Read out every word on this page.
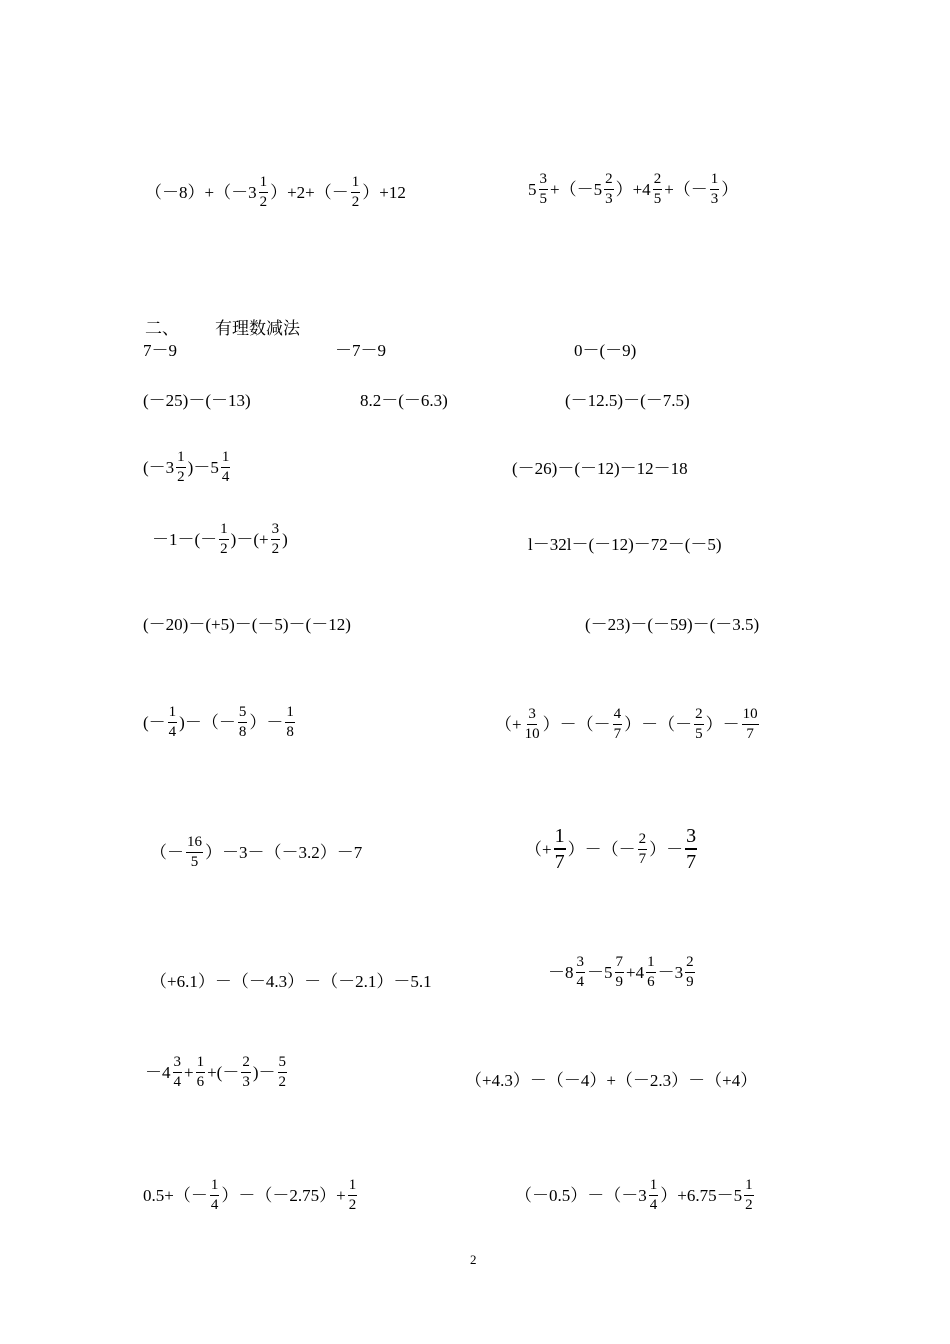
$(-8)+(-3 \frac{1}{2} )+2+(- \frac{1}{2} )+12$	$5 \frac{3}{5} +(-5 \frac{2}{3} )+4 \frac{2}{5}$ +（－ $\frac{1}{3}$ ）
二、 有理数减法
7－9	－7－9	0－(－9)
(－25)－(－13)	8.2－(－6.3)	(－12.5)－(－7.5)
$(-3 \frac{1}{2} )-5 \frac{1}{4}$	(－26)－(－12)－12－18
$-1-(- \frac{1}{2}$ )－(+ $\frac{3}{2}$ )	l－32l－(－12)－72－(－5)
(－20)－(+5)－(－5)－(－12)	(－23)－(－59)－(－3.5)
(－ $\frac{1}{4}$ )－（－ $\frac{5}{8}$ ）－ $\frac{1}{8}$	（+ $\frac{3}{10}$ ）－（－ $\frac{4}{7}$ ）－（－ $\frac{2}{5}$ ）－ $\frac{10}{7}$
（－ $\frac{16}{5} )-3-(-3.2)-7$	（+ $\frac{1}{7}$ ）－（－ $\frac{2}{7}$ ）－ $\frac{3}{7}$
（+6.1）－（－4.3）－（－2.1）－5.1	$-8 \frac{3}{4} -5 \frac{7}{9} +4 \frac{1}{6} -3 \frac{2}{9}$
$-4 \frac{3}{4} + \frac{1}{6}$ +(－ $\frac{2}{3}$ )－ $\frac{5}{2}$	（+4.3）－（－4）+（－2.3）－（+4）
$0.5+(- \frac{1}{4} )-(-2.75)+ \frac{1}{2}$	$(-0.5)-(-3 \frac{1}{4} )+6.75-5 \frac{1}{2}$
2
